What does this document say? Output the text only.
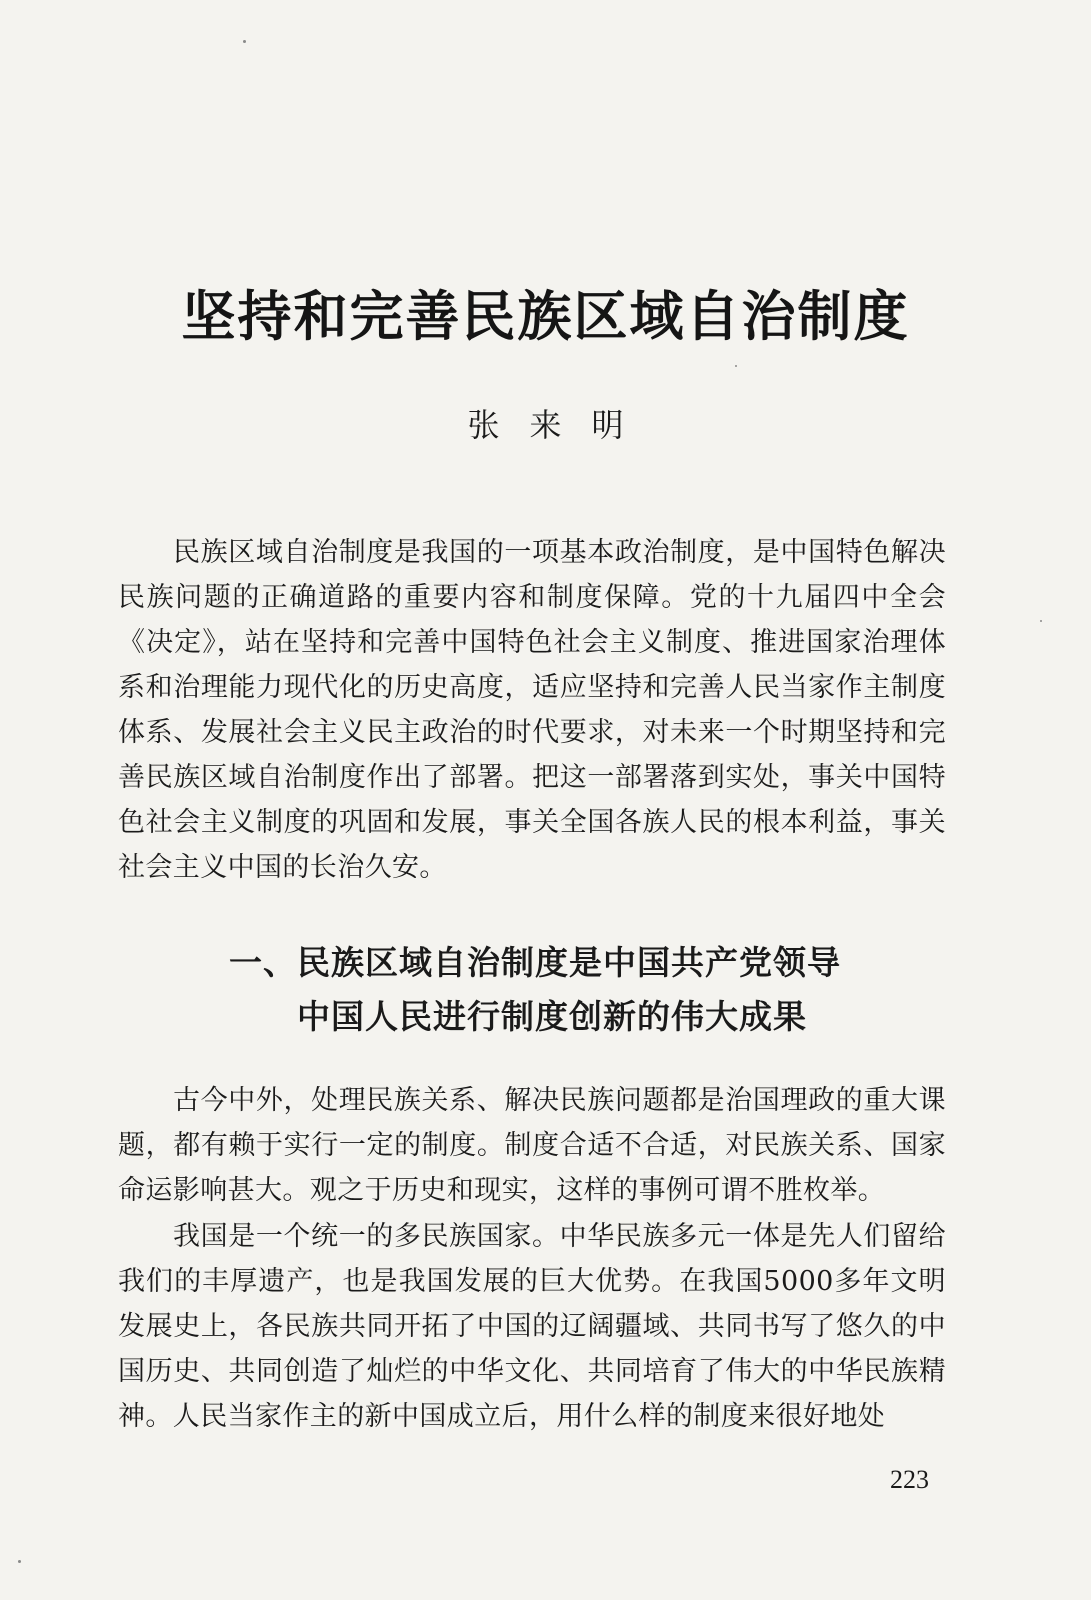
坚持和完善民族区域自治制度
张来明

民族区域自治制度是我国的一项基本政治制度，是中国特色解决民族问题的正确道路的重要内容和制度保障。党的十九届四中全会《决定》，站在坚持和完善中国特色社会主义制度、推进国家治理体系和治理能力现代化的历史高度，适应坚持和完善人民当家作主制度体系、发展社会主义民主政治的时代要求，对未来一个时期坚持和完善民族区域自治制度作出了部署。把这一部署落到实处，事关中国特色社会主义制度的巩固和发展，事关全国各族人民的根本利益，事关社会主义中国的长治久安。

一、民族区域自治制度是中国共产党领导
中国人民进行制度创新的伟大成果

古今中外，处理民族关系、解决民族问题都是治国理政的重大课题，都有赖于实行一定的制度。制度合适不合适，对民族关系、国家命运影响甚大。观之于历史和现实，这样的事例可谓不胜枚举。

我国是一个统一的多民族国家。中华民族多元一体是先人们留给我们的丰厚遗产，也是我国发展的巨大优势。在我国5000多年文明发展史上，各民族共同开拓了中国的辽阔疆域、共同书写了悠久的中国历史、共同创造了灿烂的中华文化、共同培育了伟大的中华民族精神。人民当家作主的新中国成立后，用什么样的制度来很好地处

223
